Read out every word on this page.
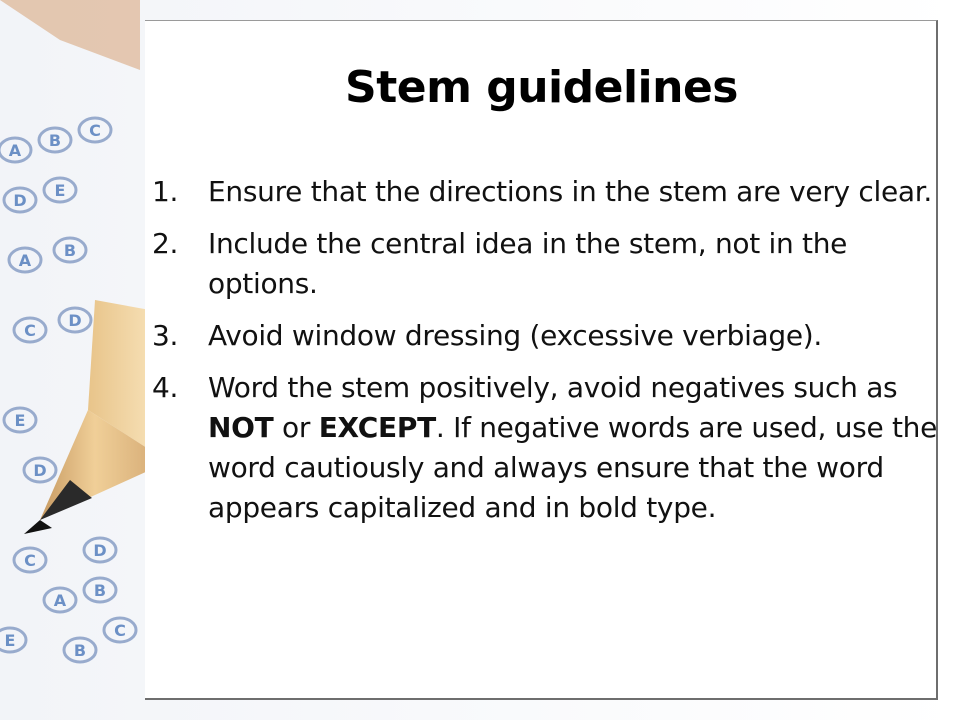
A
B
C
D
E
A
B
C
D
E
A
B
C
D
E
B
C
D
Stem guidelines
1. Ensure that the directions in the stem are very clear.
2. Include the central idea in the stem, not in the options.
3. Avoid window dressing (excessive verbiage).
4. Word the stem positively, avoid negatives such as NOT or EXCEPT. If negative words are used, use the word cautiously and always ensure that the word appears capitalized and in bold type.
